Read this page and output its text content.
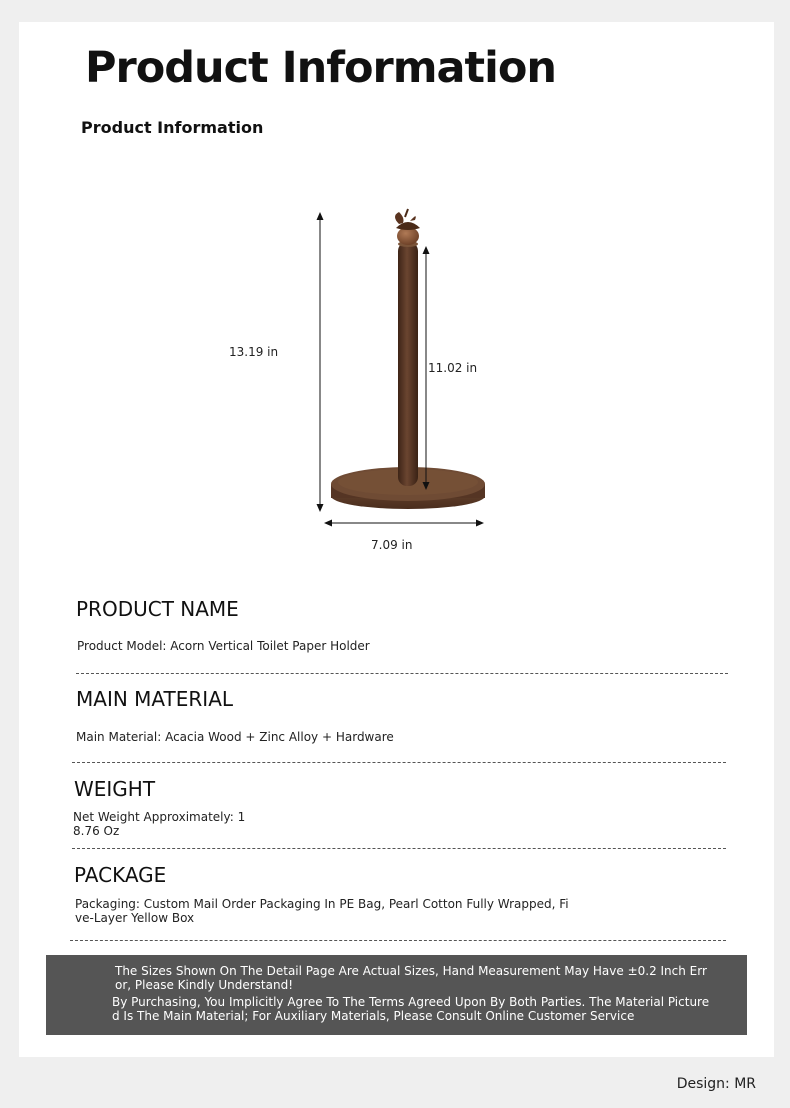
Product Information
Product Information
13.19 in
11.02 in
7.09 in
PRODUCT NAME

Product Model: Acorn Vertical Toilet Paper Holder

MAIN MATERIAL

Main Material: Acacia Wood + Zinc Alloy + Hardware

WEIGHT

Net Weight Approximately: 1

8.76 Oz

PACKAGE

Packaging: Custom Mail Order Packaging In PE Bag, Pearl Cotton Fully Wrapped, Fi

ve-Layer Yellow Box

The Sizes Shown On The Detail Page Are Actual Sizes, Hand Measurement May Have ±0.2 Inch Err

or, Please Kindly Understand!

By Purchasing, You Implicitly Agree To The Terms Agreed Upon By Both Parties. The Material Picture

d Is The Main Material; For Auxiliary Materials, Please Consult Online Customer Service

Design: MR
